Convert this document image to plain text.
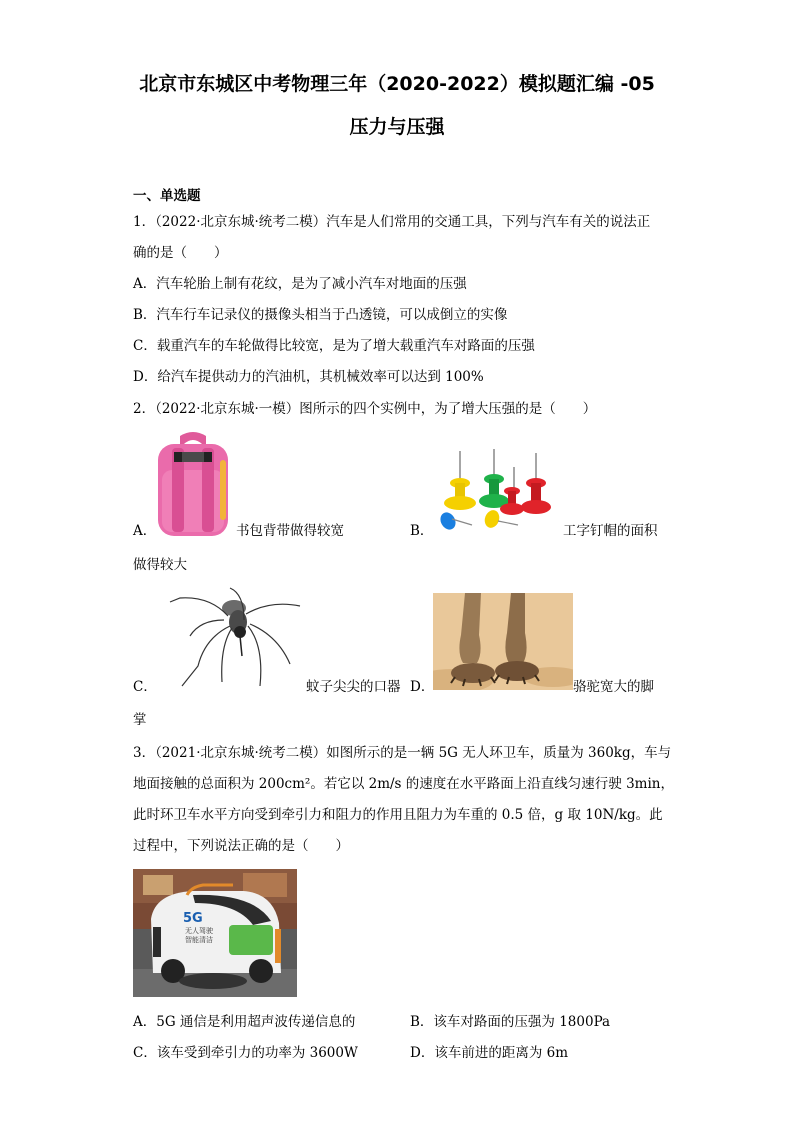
北京市东城区中考物理三年（2020-2022）模拟题汇编 -05
压力与压强
一、单选题
1．（2022·北京东城·统考二模）汽车是人们常用的交通工具，下列与汽车有关的说法正
确的是（　　）
A．汽车轮胎上制有花纹，是为了减小汽车对地面的压强
B．汽车行车记录仪的摄像头相当于凸透镜，可以成倒立的实像
C．载重汽车的车轮做得比较宽，是为了增大载重汽车对路面的压强
D．给汽车提供动力的汽油机，其机械效率可以达到 100%
2．（2022·北京东城·一模）图所示的四个实例中，为了增大压强的是（　　）
A．	书包背带做得较宽	B．	工字钉帽的面积
做得较大
C．	蚊子尖尖的口器 D．	骆驼宽大的脚
掌
3．（2021·北京东城·统考二模）如图所示的是一辆 5G 无人环卫车，质量为 360kg，车与
地面接触的总面积为 200cm²。若它以 2m/s 的速度在水平路面上沿直线匀速行驶 3min，
此时环卫车水平方向受到牵引力和阻力的作用且阻力为车重的 0.5 倍，g 取 10N/kg。此
过程中，下列说法正确的是（　　）
5G
无人驾驶
智能清洁
A．5G 通信是利用超声波传递信息的	B．该车对路面的压强为 1800Pa
C．该车受到牵引力的功率为 3600W	D．该车前进的距离为 6m
